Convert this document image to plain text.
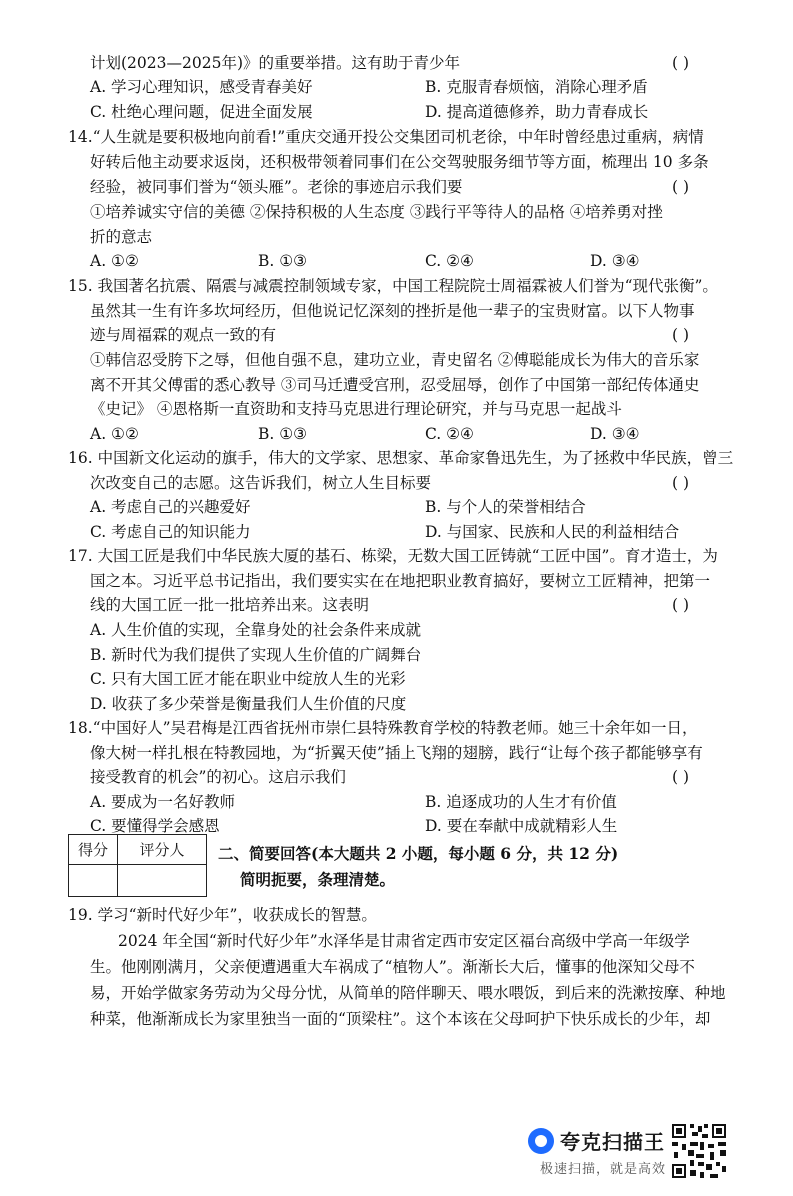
计划(2023—2025年)》的重要举措。这有助于青少年	( )
A. 学习心理知识，感受青春美好	B. 克服青春烦恼，消除心理矛盾
C. 杜绝心理问题，促进全面发展	D. 提高道德修养，助力青春成长
14.“人生就是要积极地向前看!”重庆交通开投公交集团司机老徐，中年时曾经患过重病，病情
好转后他主动要求返岗，还积极带领着同事们在公交驾驶服务细节等方面，梳理出 10 多条
经验，被同事们誉为“领头雁”。老徐的事迹启示我们要	( )
①培养诚实守信的美德 ②保持积极的人生态度 ③践行平等待人的品格 ④培养勇对挫
折的意志
A. ①②	B. ①③	C. ②④	D. ③④
15. 我国著名抗震、隔震与减震控制领域专家，中国工程院院士周福霖被人们誉为“现代张衡”。
虽然其一生有许多坎坷经历，但他说记忆深刻的挫折是他一辈子的宝贵财富。以下人物事
迹与周福霖的观点一致的有	( )
①韩信忍受胯下之辱，但他自强不息，建功立业，青史留名 ②傅聪能成长为伟大的音乐家
离不开其父傅雷的悉心教导 ③司马迁遭受宫刑，忍受屈辱，创作了中国第一部纪传体通史
《史记》 ④恩格斯一直资助和支持马克思进行理论研究，并与马克思一起战斗
A. ①②	B. ①③	C. ②④	D. ③④
16. 中国新文化运动的旗手，伟大的文学家、思想家、革命家鲁迅先生，为了拯救中华民族，曾三
次改变自己的志愿。这告诉我们，树立人生目标要	( )
A. 考虑自己的兴趣爱好	B. 与个人的荣誉相结合
C. 考虑自己的知识能力	D. 与国家、民族和人民的利益相结合
17. 大国工匠是我们中华民族大厦的基石、栋梁，无数大国工匠铸就“工匠中国”。育才造士，为
国之本。习近平总书记指出，我们要实实在在地把职业教育搞好，要树立工匠精神，把第一
线的大国工匠一批一批培养出来。这表明	( )
A. 人生价值的实现，全靠身处的社会条件来成就
B. 新时代为我们提供了实现人生价值的广阔舞台
C. 只有大国工匠才能在职业中绽放人生的光彩
D. 收获了多少荣誉是衡量我们人生价值的尺度
18.“中国好人”吴君梅是江西省抚州市崇仁县特殊教育学校的特教老师。她三十余年如一日，
像大树一样扎根在特教园地，为“折翼天使”插上飞翔的翅膀，践行“让每个孩子都能够享有
接受教育的机会”的初心。这启示我们	( )
A. 要成为一名好教师	B. 追逐成功的人生才有价值
C. 要懂得学会感恩	D. 要在奉献中成就精彩人生
得分	评分人
	二、简要回答(本大题共 2 小题，每小题 6 分，共 12 分)
简明扼要，条理清楚。
19. 学习“新时代好少年”，收获成长的智慧。
2024 年全国“新时代好少年”水泽华是甘肃省定西市安定区福台高级中学高一年级学
生。他刚刚满月，父亲便遭遇重大车祸成了“植物人”。渐渐长大后，懂事的他深知父母不
易，开始学做家务劳动为父母分忧，从简单的陪伴聊天、喂水喂饭，到后来的洗漱按摩、种地
种菜，他渐渐成长为家里独当一面的“顶梁柱”。这个本该在父母呵护下快乐成长的少年，却
夸克扫描王
极速扫描，就是高效
